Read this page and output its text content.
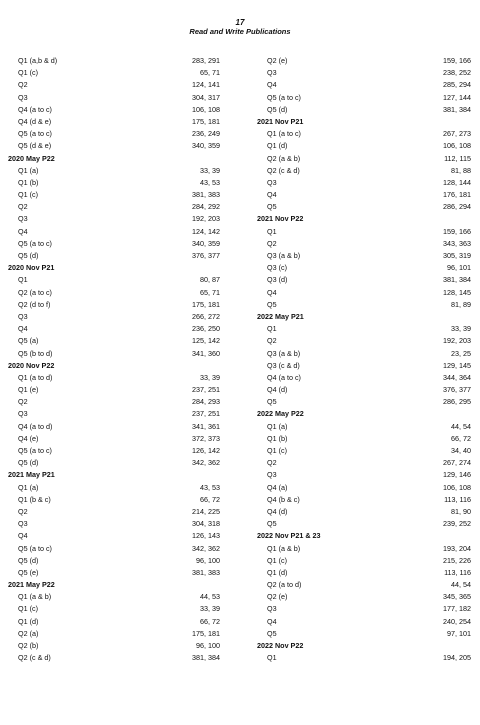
17
Read and Write Publications
Q1 (a,b & d)	283, 291
Q1 (c)	65, 71
Q2	124, 141
Q3	304, 317
Q4 (a to c)	106, 108
Q4 (d & e)	175, 181
Q5 (a to c)	236, 249
Q5 (d & e)	340, 359
2020 May P22
Q1 (a)	33, 39
Q1 (b)	43, 53
Q1 (c)	381, 383
Q2	284, 292
Q3	192, 203
Q4	124, 142
Q5 (a to c)	340, 359
Q5 (d)	376, 377
2020 Nov P21
Q1	80, 87
Q2 (a to c)	65, 71
Q2 (d to f)	175, 181
Q3	266, 272
Q4	236, 250
Q5 (a)	125, 142
Q5 (b to d)	341, 360
2020 Nov P22
Q1 (a to d)	33, 39
Q1 (e)	237, 251
Q2	284, 293
Q3	237, 251
Q4 (a to d)	341, 361
Q4 (e)	372, 373
Q5 (a to c)	126, 142
Q5 (d)	342, 362
2021 May P21
Q1 (a)	43, 53
Q1 (b & c)	66, 72
Q2	214, 225
Q3	304, 318
Q4	126, 143
Q5 (a to c)	342, 362
Q5 (d)	96, 100
Q5 (e)	381, 383
2021 May P22
Q1 (a & b)	44, 53
Q1 (c)	33, 39
Q1 (d)	66, 72
Q2 (a)	175, 181
Q2 (b)	96, 100
Q2 (c & d)	381, 384
Q2 (e)	159, 166
Q3	238, 252
Q4	285, 294
Q5 (a to c)	127, 144
Q5 (d)	381, 384
2021 Nov P21
Q1 (a to c)	267, 273
Q1 (d)	106, 108
Q2 (a & b)	112, 115
Q2 (c & d)	81, 88
Q3	128, 144
Q4	176, 181
Q5	286, 294
2021 Nov P22
Q1	159, 166
Q2	343, 363
Q3 (a & b)	305, 319
Q3 (c)	96, 101
Q3 (d)	381, 384
Q4	128, 145
Q5	81, 89
2022 May P21
Q1	33, 39
Q2	192, 203
Q3 (a & b)	23, 25
Q3 (c & d)	129, 145
Q4 (a to c)	344, 364
Q4 (d)	376, 377
Q5	286, 295
2022 May P22
Q1 (a)	44, 54
Q1 (b)	66, 72
Q1 (c)	34, 40
Q2	267, 274
Q3	129, 146
Q4 (a)	106, 108
Q4 (b & c)	113, 116
Q4 (d)	81, 90
Q5	239, 252
2022 Nov P21 & 23
Q1 (a & b)	193, 204
Q1 (c)	215, 226
Q1 (d)	113, 116
Q2 (a to d)	44, 54
Q2 (e)	345, 365
Q3	177, 182
Q4	240, 254
Q5	97, 101
2022 Nov P22
Q1	194, 205
